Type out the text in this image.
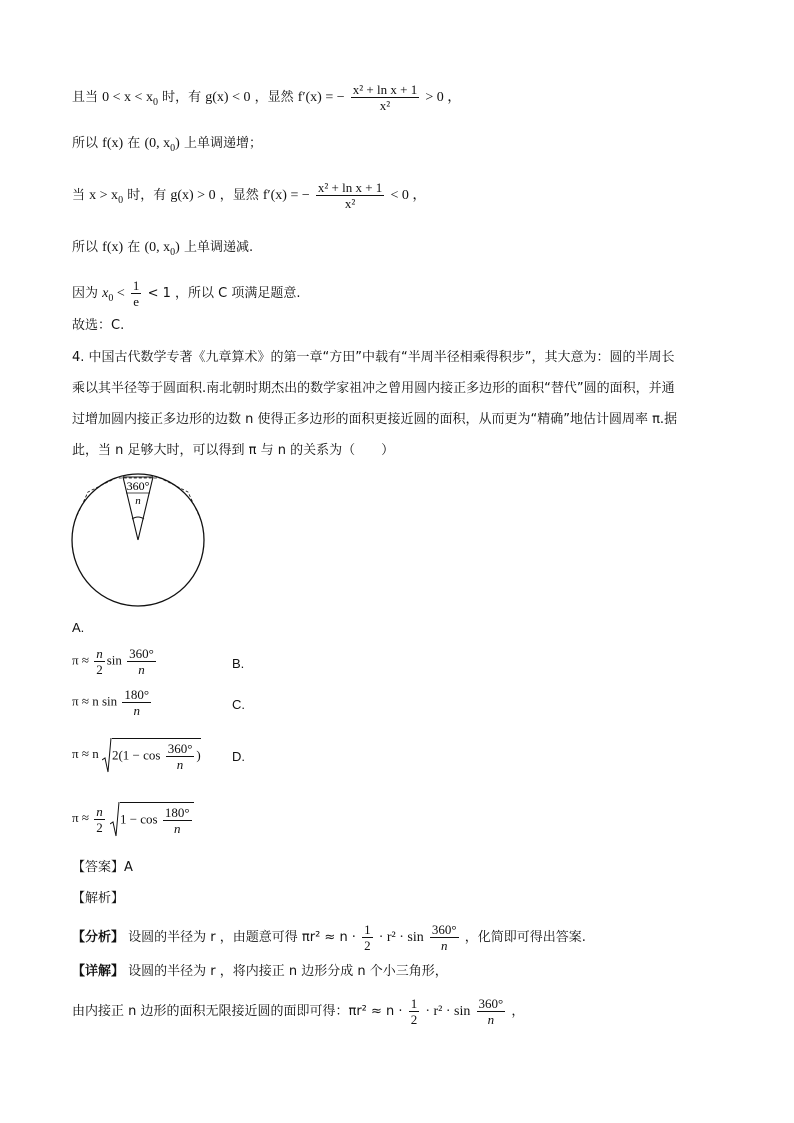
且当 $0 < x < x_0$ 时，有 g(x) < 0 ，显然 f′(x) = − $\frac{\text{x² + ln x + 1}}{\text{x²}} > 0$ ，
所以 f(x) 在 (0, $x_0$) 上单调递增；
当 $x > x_0$ 时，有 g(x) > 0 ，显然 f′(x) = − $\frac{\text{x² + ln x + 1}}{\text{x²}} < 0$ ，
所以 f(x) 在 (0, $x_0$) 上单调递减.
因为 $x_0 < \frac{1}{e} < 1$ ，所以 C 项满足题意.
故选：C.
4. 中国古代数学专著《九章算术》的第一章“方田”中载有“半周半径相乘得积步”，其大意为：圆的半周长
乘以其半径等于圆面积.南北朝时期杰出的数学家祖冲之曾用圆内接正多边形的面积“替代”圆的面积，并通
过增加圆内接正多边形的边数 n 使得正多边形的面积更接近圆的面积，从而更为“精确”地估计圆周率 π.据
此，当 n 足够大时，可以得到 π 与 n 的关系为（　　）
360°
n
A.
$\pi \approx \frac{n}{2}$ $\sin \frac{360^\circ}{n}$	B.
π ≈ n $\sin \frac{180^\circ}{n}$	C.
π ≈ n $2(1 - \cos \frac{360^\circ}{n}$ ) D.
$\pi \approx \frac{n}{2} 1 - \cos \frac{180^\circ}{n}$
【答案】A
【解析】
【分析】 设圆的半径为 r ，由题意可得 $\pi r^2 \approx n \cdot \frac{1}{2} \cdot r^2 \cdot \sin \frac{360^\circ}{n}$ ，化简即可得出答案.
【详解】 设圆的半径为 r ，将内接正 n 边形分成 n 个小三角形，
由内接正 n 边形的面积无限接近圆的面即可得：$\pi r^2 \approx n \cdot \frac{1}{2} \cdot r^2 \cdot \sin \frac{360^\circ}{n}$ ，
